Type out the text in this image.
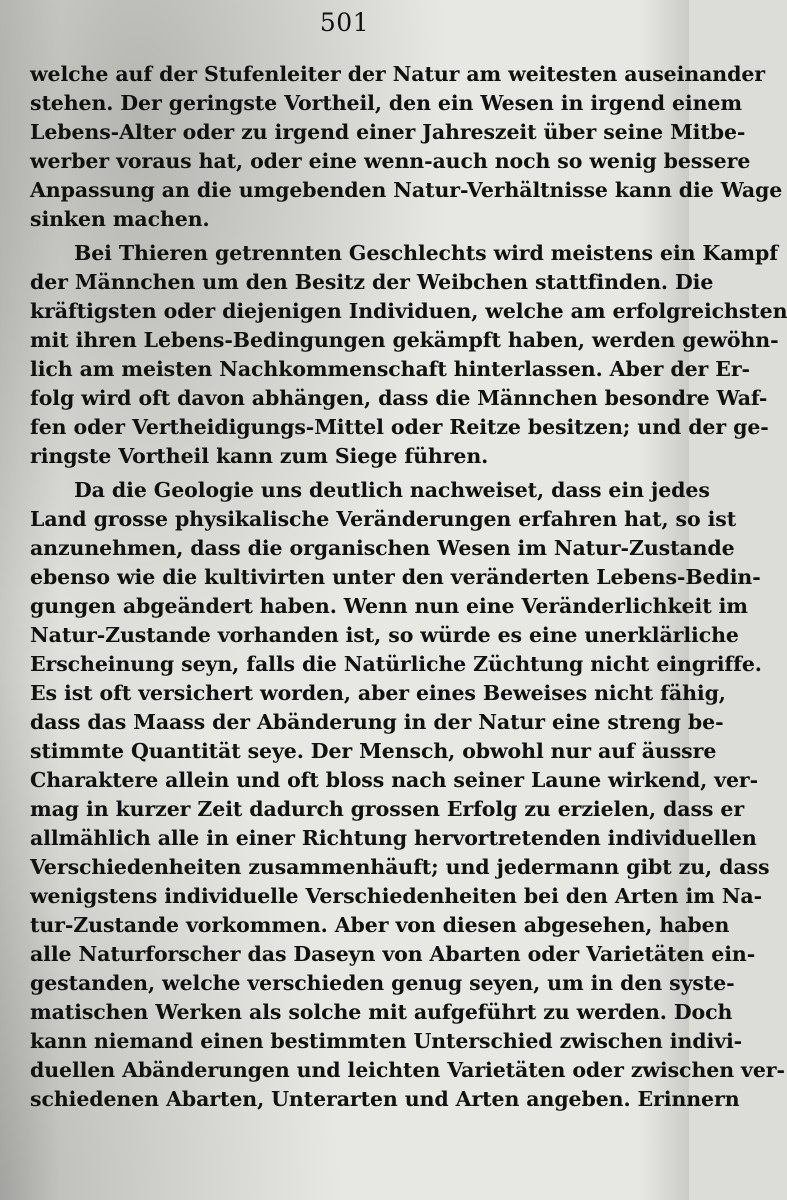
501
welche auf der Stufenleiter der Natur am weitesten auseinander
stehen. Der geringste Vortheil, den ein Wesen in irgend einem
Lebens-Alter oder zu irgend einer Jahreszeit über seine Mitbe-
werber voraus hat, oder eine wenn-auch noch so wenig bessere
Anpassung an die umgebenden Natur-Verhältnisse kann die Wage
sinken machen.
Bei Thieren getrennten Geschlechts wird meistens ein Kampf
der Männchen um den Besitz der Weibchen stattfinden. Die
kräftigsten oder diejenigen Individuen, welche am erfolgreichsten
mit ihren Lebens-Bedingungen gekämpft haben, werden gewöhn-
lich am meisten Nachkommenschaft hinterlassen. Aber der Er-
folg wird oft davon abhängen, dass die Männchen besondre Waf-
fen oder Vertheidigungs-Mittel oder Reitze besitzen; und der ge-
ringste Vortheil kann zum Siege führen.
Da die Geologie uns deutlich nachweiset, dass ein jedes
Land grosse physikalische Veränderungen erfahren hat, so ist
anzunehmen, dass die organischen Wesen im Natur-Zustande
ebenso wie die kultivirten unter den veränderten Lebens-Bedin-
gungen abgeändert haben. Wenn nun eine Veränderlichkeit im
Natur-Zustande vorhanden ist, so würde es eine unerklärliche
Erscheinung seyn, falls die Natürliche Züchtung nicht eingriffe.
Es ist oft versichert worden, aber eines Beweises nicht fähig,
dass das Maass der Abänderung in der Natur eine streng be-
stimmte Quantität seye. Der Mensch, obwohl nur auf äussre
Charaktere allein und oft bloss nach seiner Laune wirkend, ver-
mag in kurzer Zeit dadurch grossen Erfolg zu erzielen, dass er
allmählich alle in einer Richtung hervortretenden individuellen
Verschiedenheiten zusammenhäuft; und jedermann gibt zu, dass
wenigstens individuelle Verschiedenheiten bei den Arten im Na-
tur-Zustande vorkommen. Aber von diesen abgesehen, haben
alle Naturforscher das Daseyn von Abarten oder Varietäten ein-
gestanden, welche verschieden genug seyen, um in den syste-
matischen Werken als solche mit aufgeführt zu werden. Doch
kann niemand einen bestimmten Unterschied zwischen indivi-
duellen Abänderungen und leichten Varietäten oder zwischen ver-
schiedenen Abarten, Unterarten und Arten angeben. Erinnern
